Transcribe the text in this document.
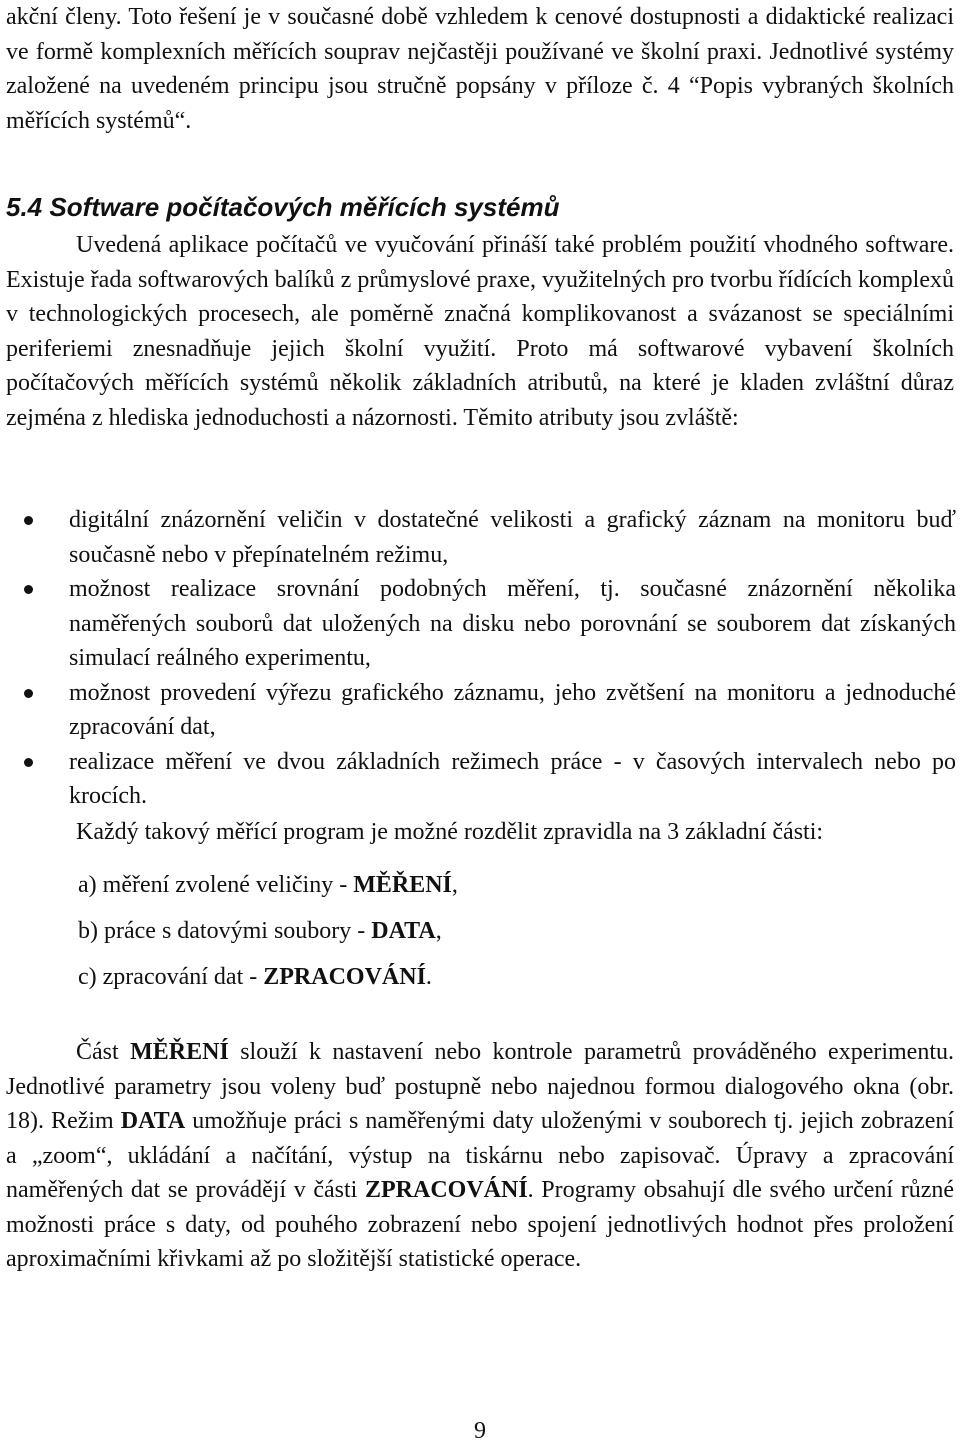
akční členy. Toto řešení je v současné době vzhledem k cenové dostupnosti a didaktické realizaci ve formě komplexních měřících souprav nejčastěji používané ve školní praxi. Jednotlivé systémy založené na uvedeném principu jsou stručně popsány v příloze č. 4 “Popis vybraných školních měřících systémů“.

5.4 Software počítačových měřících systémů

Uvedená aplikace počítačů ve vyučování přináší také problém použití vhodného software. Existuje řada softwarových balíků z průmyslové praxe, využitelných pro tvorbu řídících komplexů v technologických procesech, ale poměrně značná komplikovanost a svázanost se speciálními periferiemi znesnadňuje jejich školní využití. Proto má softwarové vybavení školních počítačových měřících systémů několik základních atributů, na které je kladen zvláštní důraz zejména z hlediska jednoduchosti a názornosti. Těmito atributy jsou zvláště:

digitální znázornění veličin v dostatečné velikosti a grafický záznam na monitoru buď současně nebo v přepínatelném režimu,
možnost realizace srovnání podobných měření, tj. současné znázornění několika naměřených souborů dat uložených na disku nebo porovnání se souborem dat získaných simulací reálného experimentu,
možnost provedení výřezu grafického záznamu, jeho zvětšení na monitoru a jednoduché zpracování dat,
realizace měření ve dvou základních režimech práce - v časových intervalech nebo po krocích.

Každý takový měřící program je možné rozdělit zpravidla na 3 základní části:

a) měření zvolené veličiny - MĚŘENÍ,
b) práce s datovými soubory - DATA,
c) zpracování dat - ZPRACOVÁNÍ.

Část MĚŘENÍ slouží k nastavení nebo kontrole parametrů prováděného experimentu. Jednotlivé parametry jsou voleny buď postupně nebo najednou formou dialogového okna (obr. 18). Režim DATA umožňuje práci s naměřenými daty uloženými v souborech tj. jejich zobrazení a „zoom“, ukládání a načítání, výstup na tiskárnu nebo zapisovač. Úpravy a zpracování naměřených dat se provádějí v části ZPRACOVÁNÍ. Programy obsahují dle svého určení různé možnosti práce s daty, od pouhého zobrazení nebo spojení jednotlivých hodnot přes proložení aproximačními křivkami až po složitější statistické operace.

9
